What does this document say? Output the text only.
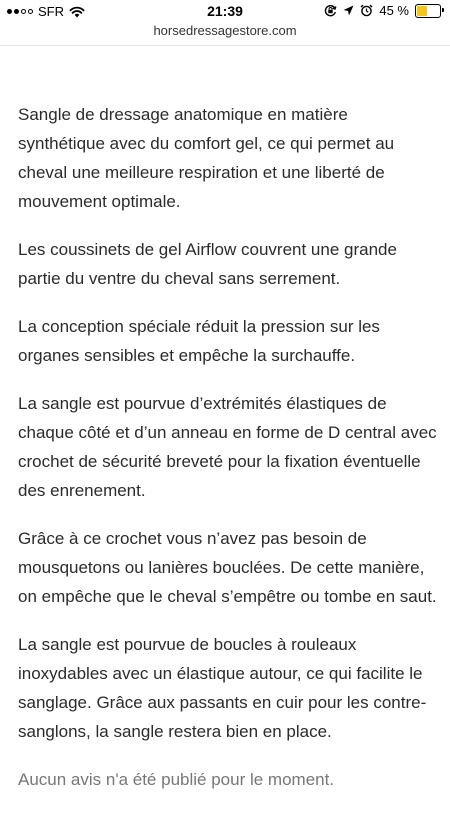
SFR	21:39	45 %
horsedressagestore.com

Sangle de dressage anatomique en matière synthétique avec du comfort gel, ce qui permet au cheval une meilleure respiration et une liberté de mouvement optimale.

Les coussinets de gel Airflow couvrent une grande partie du ventre du cheval sans serrement.

La conception spéciale réduit la pression sur les organes sensibles et empêche la surchauffe.

La sangle est pourvue d’extrémités élastiques de chaque côté et d’un anneau en forme de D central avec crochet de sécurité breveté pour la fixation éventuelle des enrenement.

Grâce à ce crochet vous n’avez pas besoin de mousquetons ou lanières bouclées. De cette manière, on empêche que le cheval s’empêtre ou tombe en saut.

La sangle est pourvue de boucles à rouleaux inoxydables avec un élastique autour, ce qui facilite le sanglage. Grâce aux passants en cuir pour les contre-sanglons, la sangle restera bien en place.

Aucun avis n'a été publié pour le moment.
